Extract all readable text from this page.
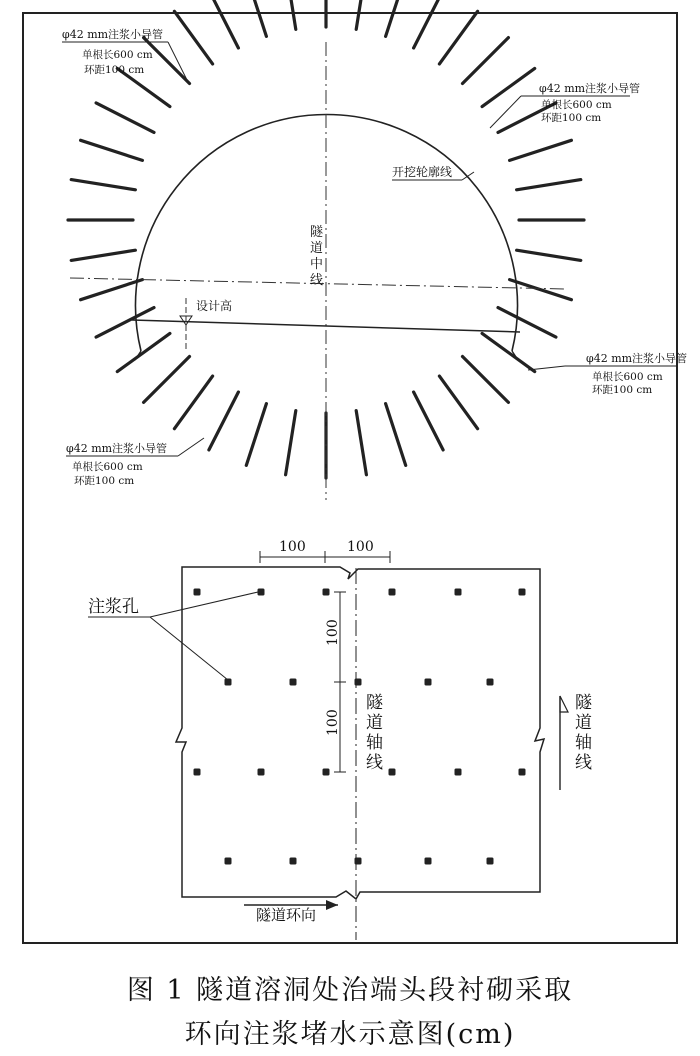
设计高
隧
道
中
线
φ42 mm注浆小导管
单根长600 cm
环距100 cm
φ42 mm注浆小导管
单根长600 cm
环距100 cm
开挖轮廓线
φ42 mm注浆小导管
单根长600 cm
环距100 cm
φ42 mm注浆小导管
单根长600 cm
环距100 cm
100	100
100
100
注浆孔
隧
道
轴
线
隧
道
轴
线
隧道环向
图 1 隧道溶洞处治端头段衬砌采取
环向注浆堵水示意图(cm)
